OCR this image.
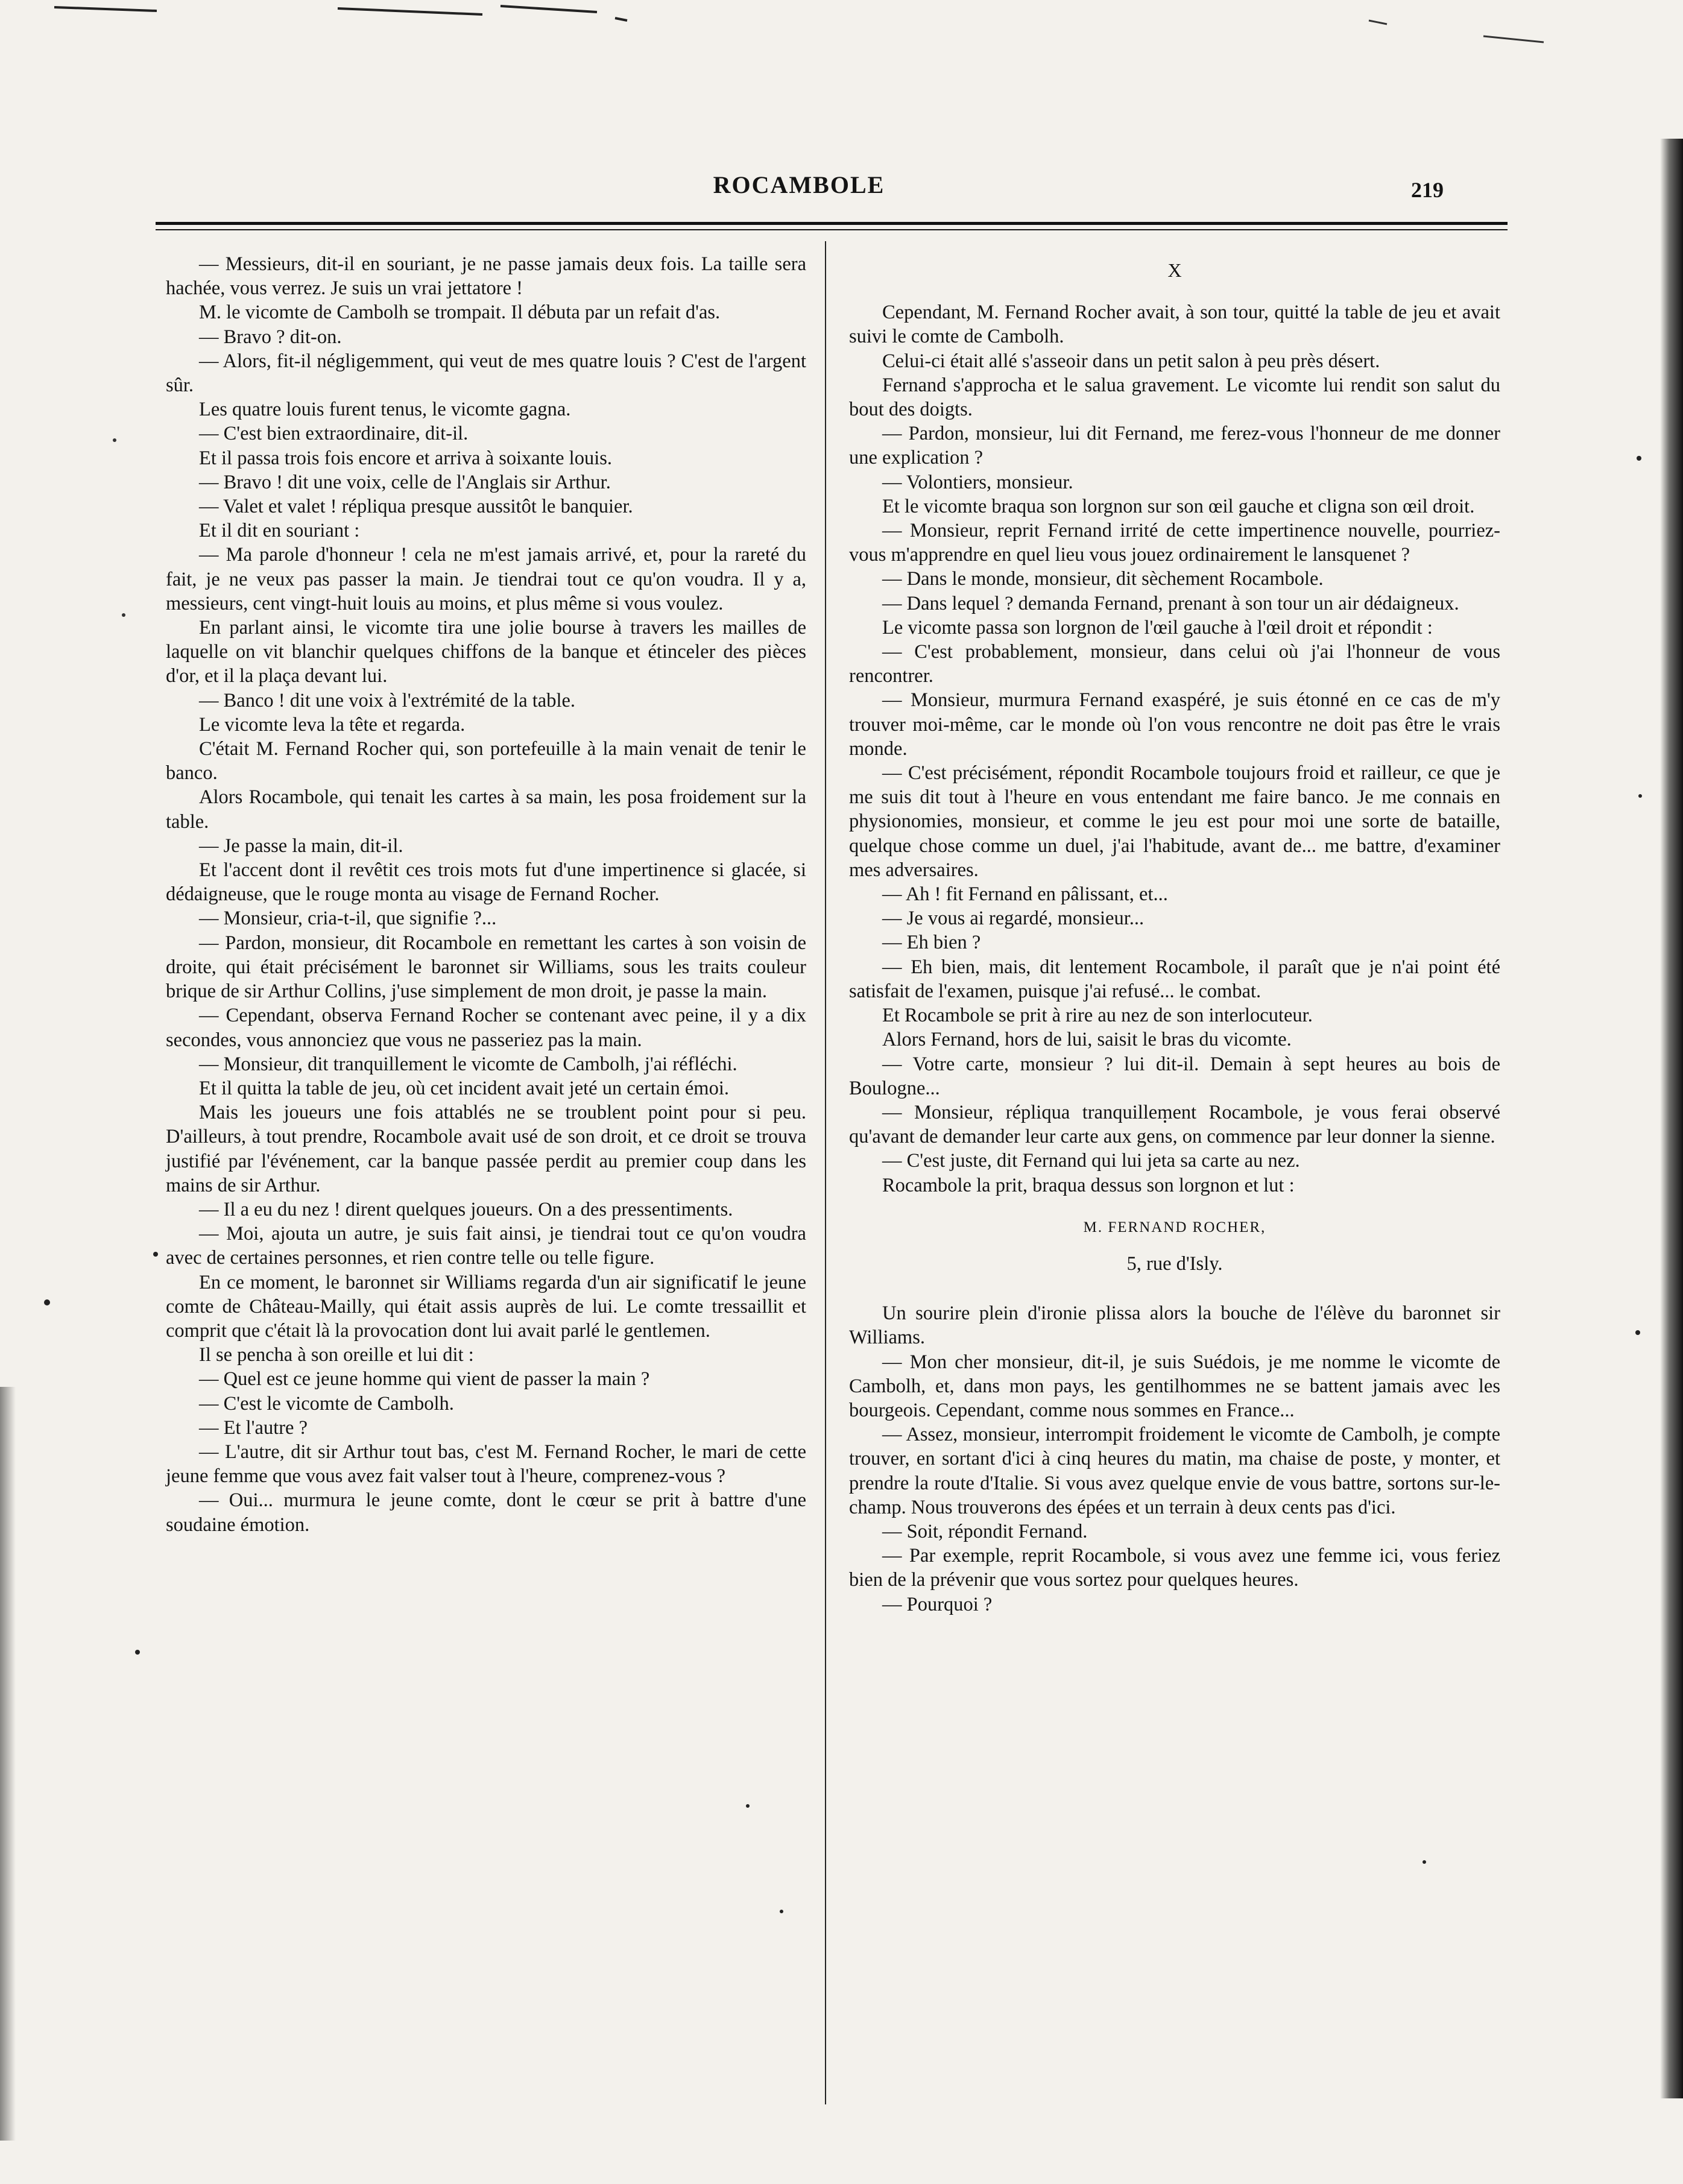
ROCAMBOLE	219

— Messieurs, dit-il en souriant, je ne passe jamais deux fois. La taille sera hachée, vous verrez. Je suis un vrai jettatore !

M. le vicomte de Cambolh se trompait. Il débuta par un refait d'as.

— Bravo ? dit-on.

— Alors, fit-il négligemment, qui veut de mes quatre louis ? C'est de l'argent sûr.

Les quatre louis furent tenus, le vicomte gagna.

— C'est bien extraordinaire, dit-il.

Et il passa trois fois encore et arriva à soixante louis.

— Bravo ! dit une voix, celle de l'Anglais sir Arthur.

— Valet et valet ! répliqua presque aussitôt le banquier.

Et il dit en souriant :

— Ma parole d'honneur ! cela ne m'est jamais arrivé, et, pour la rareté du fait, je ne veux pas passer la main. Je tiendrai tout ce qu'on voudra. Il y a, messieurs, cent vingt-huit louis au moins, et plus même si vous voulez.

En parlant ainsi, le vicomte tira une jolie bourse à travers les mailles de laquelle on vit blanchir quelques chiffons de la banque et étinceler des pièces d'or, et il la plaça devant lui.

— Banco ! dit une voix à l'extrémité de la table.

Le vicomte leva la tête et regarda.

C'était M. Fernand Rocher qui, son portefeuille à la main venait de tenir le banco.

Alors Rocambole, qui tenait les cartes à sa main, les posa froidement sur la table.

— Je passe la main, dit-il.

Et l'accent dont il revêtit ces trois mots fut d'une impertinence si glacée, si dédaigneuse, que le rouge monta au visage de Fernand Rocher.

— Monsieur, cria-t-il, que signifie ?...

— Pardon, monsieur, dit Rocambole en remettant les cartes à son voisin de droite, qui était précisément le baronnet sir Williams, sous les traits couleur brique de sir Arthur Collins, j'use simplement de mon droit, je passe la main.

— Cependant, observa Fernand Rocher se contenant avec peine, il y a dix secondes, vous annonciez que vous ne passeriez pas la main.

— Monsieur, dit tranquillement le vicomte de Cambolh, j'ai réfléchi.

Et il quitta la table de jeu, où cet incident avait jeté un certain émoi.

Mais les joueurs une fois attablés ne se troublent point pour si peu. D'ailleurs, à tout prendre, Rocambole avait usé de son droit, et ce droit se trouva justifié par l'événement, car la banque passée perdit au premier coup dans les mains de sir Arthur.

— Il a eu du nez ! dirent quelques joueurs. On a des pressentiments.

— Moi, ajouta un autre, je suis fait ainsi, je tiendrai tout ce qu'on voudra avec de certaines personnes, et rien contre telle ou telle figure.

En ce moment, le baronnet sir Williams regarda d'un air significatif le jeune comte de Château-Mailly, qui était assis auprès de lui. Le comte tressaillit et comprit que c'était là la provocation dont lui avait parlé le gentlemen.

Il se pencha à son oreille et lui dit :

— Quel est ce jeune homme qui vient de passer la main ?

— C'est le vicomte de Cambolh.

— Et l'autre ?

— L'autre, dit sir Arthur tout bas, c'est M. Fernand Rocher, le mari de cette jeune femme que vous avez fait valser tout à l'heure, comprenez-vous ?

— Oui... murmura le jeune comte, dont le cœur se prit à battre d'une soudaine émotion.

X

Cependant, M. Fernand Rocher avait, à son tour, quitté la table de jeu et avait suivi le comte de Cambolh.

Celui-ci était allé s'asseoir dans un petit salon à peu près désert.

Fernand s'approcha et le salua gravement. Le vicomte lui rendit son salut du bout des doigts.

— Pardon, monsieur, lui dit Fernand, me ferez-vous l'honneur de me donner une explication ?

— Volontiers, monsieur.

Et le vicomte braqua son lorgnon sur son œil gauche et cligna son œil droit.

— Monsieur, reprit Fernand irrité de cette impertinence nouvelle, pourriez-vous m'apprendre en quel lieu vous jouez ordinairement le lansquenet ?

— Dans le monde, monsieur, dit sèchement Rocambole.

— Dans lequel ? demanda Fernand, prenant à son tour un air dédaigneux.

Le vicomte passa son lorgnon de l'œil gauche à l'œil droit et répondit :

— C'est probablement, monsieur, dans celui où j'ai l'honneur de vous rencontrer.

— Monsieur, murmura Fernand exaspéré, je suis étonné en ce cas de m'y trouver moi-même, car le monde où l'on vous rencontre ne doit pas être le vrais monde.

— C'est précisément, répondit Rocambole toujours froid et railleur, ce que je me suis dit tout à l'heure en vous entendant me faire banco. Je me connais en physionomies, monsieur, et comme le jeu est pour moi une sorte de bataille, quelque chose comme un duel, j'ai l'habitude, avant de... me battre, d'examiner mes adversaires.

— Ah ! fit Fernand en pâlissant, et...

— Je vous ai regardé, monsieur...

— Eh bien ?

— Eh bien, mais, dit lentement Rocambole, il paraît que je n'ai point été satisfait de l'examen, puisque j'ai refusé... le combat.

Et Rocambole se prit à rire au nez de son interlocuteur.

Alors Fernand, hors de lui, saisit le bras du vicomte.

— Votre carte, monsieur ? lui dit-il. Demain à sept heures au bois de Boulogne...

— Monsieur, répliqua tranquillement Rocambole, je vous ferai observé qu'avant de demander leur carte aux gens, on commence par leur donner la sienne.

— C'est juste, dit Fernand qui lui jeta sa carte au nez.

Rocambole la prit, braqua dessus son lorgnon et lut :

M. FERNAND ROCHER,

5, rue d'Isly.

Un sourire plein d'ironie plissa alors la bouche de l'élève du baronnet sir Williams.

— Mon cher monsieur, dit-il, je suis Suédois, je me nomme le vicomte de Cambolh, et, dans mon pays, les gentilhommes ne se battent jamais avec les bourgeois. Cependant, comme nous sommes en France...

— Assez, monsieur, interrompit froidement le vicomte de Cambolh, je compte trouver, en sortant d'ici à cinq heures du matin, ma chaise de poste, y monter, et prendre la route d'Italie. Si vous avez quelque envie de vous battre, sortons sur-le-champ. Nous trouverons des épées et un terrain à deux cents pas d'ici.

— Soit, répondit Fernand.

— Par exemple, reprit Rocambole, si vous avez une femme ici, vous feriez bien de la prévenir que vous sortez pour quelques heures.

— Pourquoi ?
